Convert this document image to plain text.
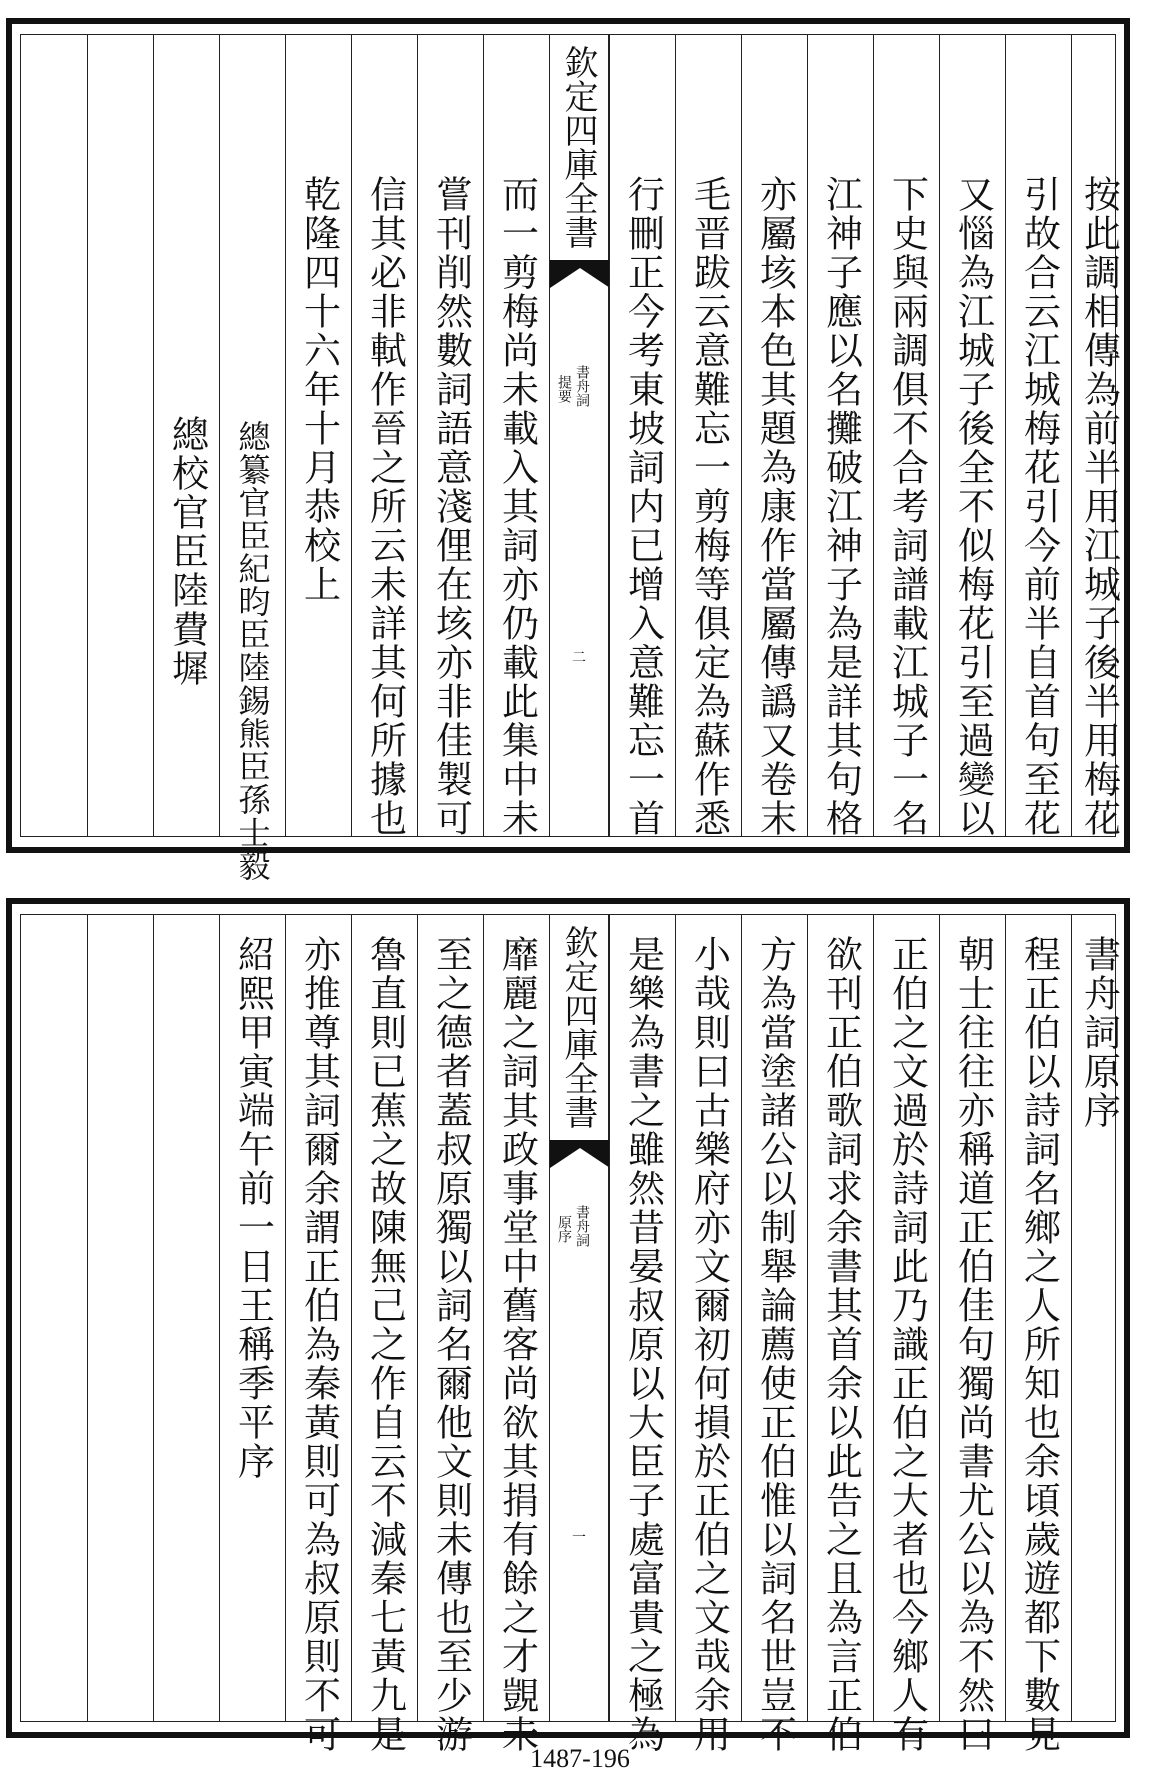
總校官臣陸費墀 總纂官臣紀昀臣陸錫熊臣孫士毅
乾隆四十六年十月恭校上 信其必非軾作晉之所云未詳其何所據也 嘗刊削然數詞語意淺俚在垓亦非佳製可 而一剪梅尚未載入其詞亦仍載此集中未
欽定四庫全書
書舟詞
提要
二 行刪正今考東坡詞内已增入意難忘一首 毛晋跋云意難忘一剪梅等俱定為蘇作悉 亦屬垓本色其題為康作當屬傳譌又卷末 江神子應以名攤破江神子為是詳其句格 下史與兩調俱不合考詞譜載江城子一名 又惱為江城子後全不似梅花引至過變以 引故合云江城梅花引今前半自首句至花 按此調相傳為前半用江城子後半用梅花
紹熙甲寅端午前一日王稱季平序 亦推尊其詞爾余謂正伯為秦黃則可為叔原則不可 魯直則已蕉之故陳無己之作自云不減秦七黃九是 至之德者蓋叔原獨以詞名爾他文則未傳也至少游 靡麗之詞其政事堂中舊客尚欲其捐有餘之才覬未 欽定四庫全書
書舟詞
原序
一 是樂為書之雖然昔晏叔原以大臣子處富貴之極為 小哉則曰古樂府亦文爾初何損於正伯之文哉余用 方為當塗諸公以制舉論薦使正伯惟以詞名世豈不 欲刊正伯歌詞求余書其首余以此告之且為言正伯 正伯之文過於詩詞此乃識正伯之大者也今鄉人有 朝士往往亦稱道正伯佳句獨尚書尤公以為不然曰 程正伯以詩詞名鄉之人所知也余頃歲遊都下數見 書舟詞原序
1487-196
